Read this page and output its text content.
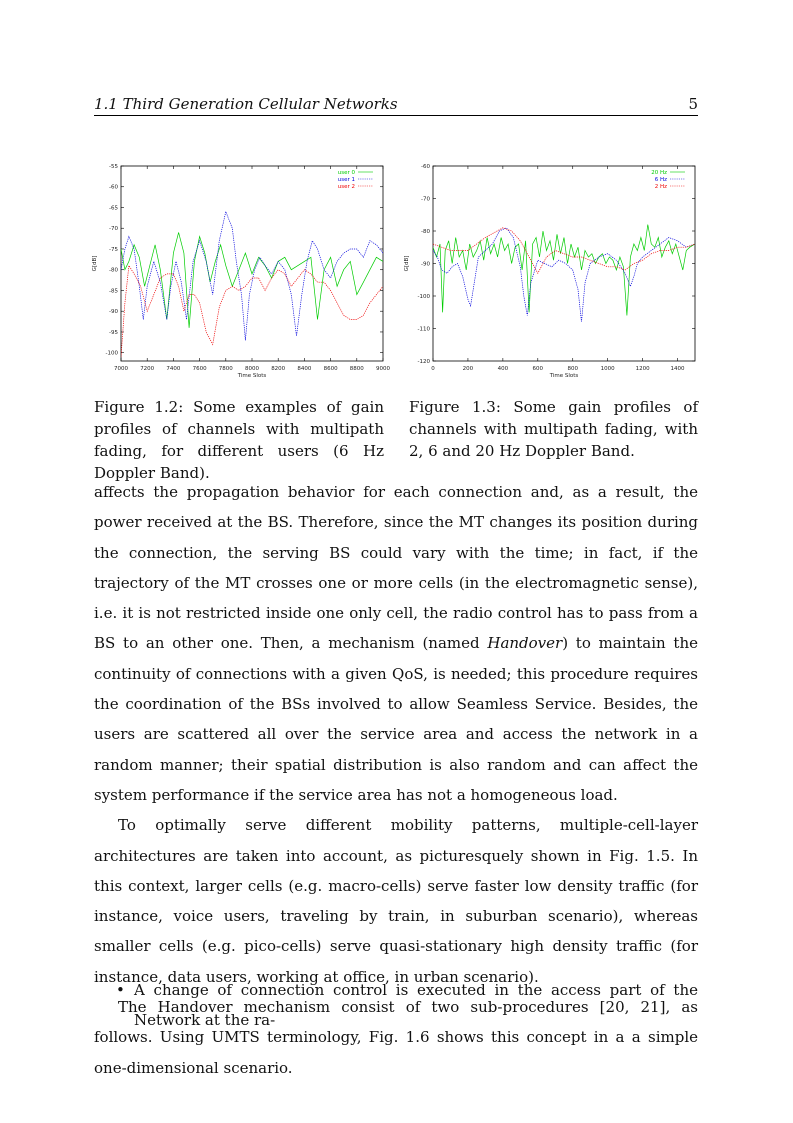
1.1 Third Generation Cellular Networks	5
7000 7200 7400 7600 7800 8000 8200 8400 8600 8800 9000
-55
-60
-65
-70
-75
-80
-85
-90
-95
-100
Time Slots
G[dB]
user 0
user 1
user 2
Figure 1.2: Some examples of gain profiles of channels with multipath fading, for different users (6 Hz Doppler Band).
0	200	400	600	800	1000	1200	1400
-60
-70
-80
-90
-100
-110
-120
Time Slots
G[dB]
20 Hz
6 Hz
2 Hz
Figure 1.3: Some gain profiles of channels with multipath fading, with 2, 6 and 20 Hz Doppler Band.

affects the propagation behavior for each connection and, as a result, the power received at the BS. Therefore, since the MT changes its position during the connection, the serving BS could vary with the time; in fact, if the trajectory of the MT crosses one or more cells (in the electromagnetic sense), i.e. it is not restricted inside one only cell, the radio control has to pass from a BS to an other one. Then, a mechanism (named Handover) to maintain the continuity of connections with a given QoS, is needed; this procedure requires the coordination of the BSs involved to allow Seamless Service. Besides, the users are scattered all over the service area and access the network in a random manner; their spatial distribution is also random and can affect the system performance if the service area has not a homogeneous load.

To optimally serve different mobility patterns, multiple-cell-layer architectures are taken into account, as picturesquely shown in Fig. 1.5. In this context, larger cells (e.g. macro-cells) serve faster low density traffic (for instance, voice users, traveling by train, in suburban scenario), whereas smaller cells (e.g. pico-cells) serve quasi-stationary high density traffic (for instance, data users, working at office, in urban scenario).

The Handover mechanism consist of two sub-procedures [20, 21], as follows. Using UMTS terminology, Fig. 1.6 shows this concept in a a simple one-dimensional scenario.

• A change of connection control is executed in the access part of the Network at the ra-
